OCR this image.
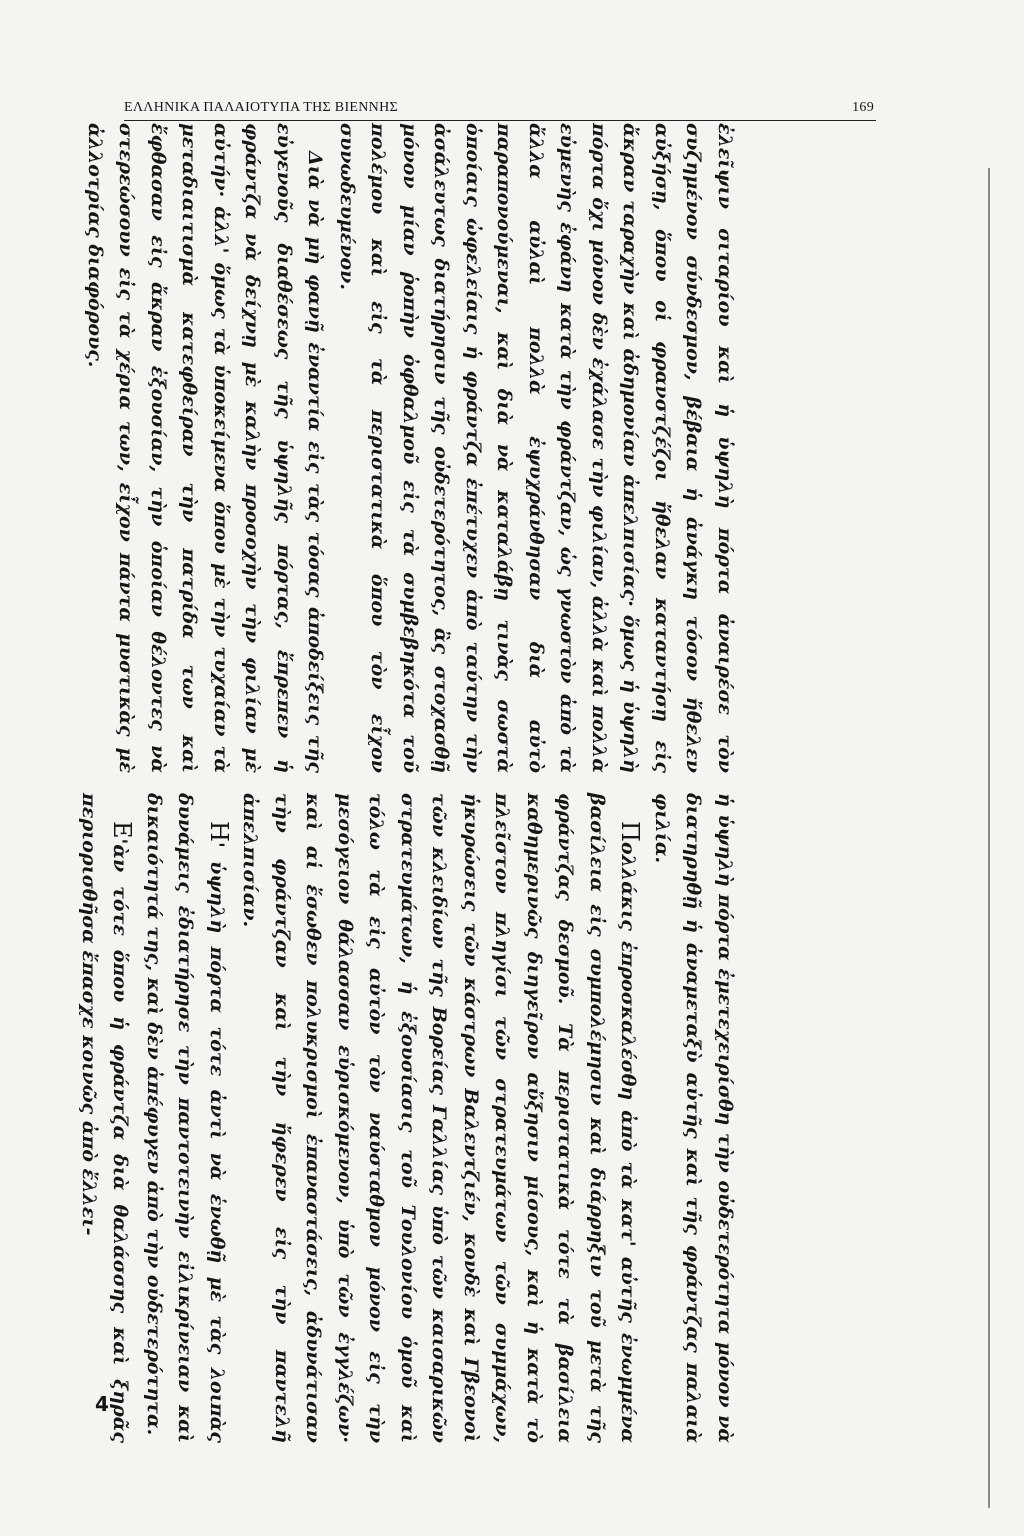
ΕΛΛΗΝΙΚΑ ΠΑΛΑΙΟΤΥΠΑ ΤΗΣ ΒΙΕΝΝΗΣ	169

ἐλεῖψιν σιταρίου καὶ ἡ ὑψηλὴ πόρτα ἀναιρέσε τὸν συζημένον σύνδεσμον, βέβαια ἡ ἀνάγκη τόσον ἤθελεν αὐξήσῃ, ὅπου οἱ φρανστζέζοι ἤθελαν καταντήσῃ εἰς ἄκραν ταραχὴν καὶ ἀδημονίαν ἀπελπισίας· ὅμως ἡ ὑψηλὴ πόρτα ὄχι μόνον δὲν ἐχάλασε τὴν φιλίαν, ἀλλὰ καὶ πολλὰ εὐμενὴς ἐφάνη κατὰ τὴν φράντζαν, ὡς γνωστὸν ἀπὸ τὰ ἄλλα αὐλαὶ πολλὰ ἐψυχράνθησαν διὰ αὐτὸ παραπονούμεναι, καὶ διὰ νὰ καταλάβῃ τινὰς σωστὰ ὁποίαις ὠφελείαις ἡ φράντζα ἐπέτυχεν ἀπὸ ταύτην τὴν ἀσάλευτως διατήρησιν τῆς οὐδετερότητος, ἂς στοχασθῇ μόνον μίαν ῥοπὴν ὀφθαλμοῦ εἰς τὰ συμβεβηκότα τοῦ πολέμου καὶ εἰς τὰ περιστατικὰ ὅπου τὸν εἶχον συνωδευμένον.

Διὰ νὰ μὴ φανῇ ἐναντία εἰς τὰς τόσας ἀποδείξεις τῆς εὐγενοῦς διαθέσεως τῆς ὑψηλῆς πόρτας, ἔπρεπεν ἡ φράντζα νὰ δείχνῃ μὲ καλὴν προσοχὴν τὴν φιλίαν μὲ αὐτήν· ἀλλ' ὅμως τὰ ὑποκείμενα ὅπου μὲ τὴν τυχαίαν τὰ μεταδιαιτισμὰ κατεφθείραν τὴν πατρίδα των καὶ ἔφθασαν εἰς ἄκραν ἐξουσίαν, τὴν ὁποίαν θέλοντες νὰ στερεώσουν εἰς τὰ χέρια των, εἶχον πάντα μυστικὰς μὲ ἀλλοτρίας διαφόρους.

ἡ ὑψηλὴ πόρτα ἐμετεχειρίσθη τὴν οὐδετερότητα μόνον νὰ διατηρηθῇ ἡ ἀναμεταξὺ αὐτῆς καὶ τῆς φράντζας παλαιὰ φιλία.

Πολλάκις ἐπροσκαλέσθη ἀπὸ τὰ κατ' αὐτῆς ἐνωμμένα βασίλεια εἰς συμπολέμησιν καὶ διάρρηξιν τοῦ μετὰ τῆς φράντζας δεσμοῦ. Τὰ περιστατικὰ τότε τὰ βασίλεια καθημερινῶς διηγεῖρον αὔξησιν μίσους, καὶ ἡ κατὰ τὸ πλεῖστον πληγίσι τῶν στρατευμάτων τῶν συμμάχων, ἡκυρώσεις τῶν κάστρων Βαλεντζιέν, κονδὲ καὶ Γβεονοὶ τῶν κλειδίων τῆς Βορείας Γαλλίας ὑπὸ τῶν καισαρικῶν στρατευμάτων, ἡ ἐξουσίασις τοῦ Τουλονίου ὁμοῦ καὶ τόλω τὰ εἰς αὐτὸν τὸν ναύσταθμον μόνον εἰς τὴν μεσόγειον θάλασσαν εὑρισκόμενον, ὑπὸ τῶν ἐγγλέζων· καὶ αἱ ἔσωθεν πολυκρισμοὶ ἐπαναστάσεις, ἀδυνάτισαν τὴν φράντζαν καὶ τὴν ἤφερεν εἰς τὴν παντελῆ ἀπελπισίαν.

Η' ὑψηλὴ πόρτα τότε ἀντὶ νὰ ἑνωθῇ μὲ τὰς λοιπὰς δυνάμεις ἐδιατήρησε τὴν παντοτεινὴν εἰλικρίνειαν καὶ δικαιότητά της, καὶ δὲν ἀπέφυγεν ἀπὸ τὴν οὐδετερότητα.

Ε'ὰν τότε ὅπου ἡ φράντζα διὰ θαλάσσης καὶ ξηρᾶς περιορισθῆσα ἔπασχε κοινῶς ἀπὸ ἔλλει-

4
